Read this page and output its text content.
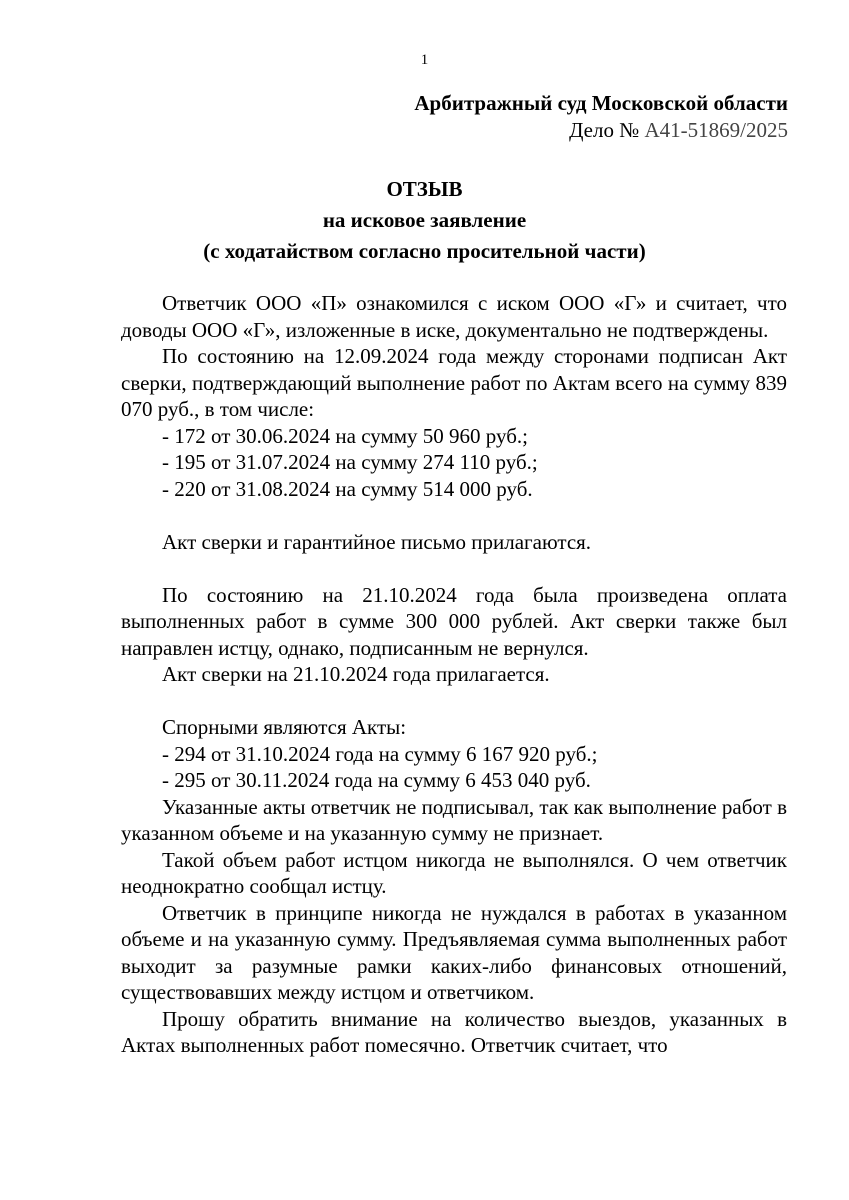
1
Арбитражный суд Московской области
Дело № А41-51869/2025
ОТЗЫВ
на исковое заявление
(с ходатайством согласно просительной части)

Ответчик ООО «П» ознакомился с иском ООО «Г» и считает, что доводы ООО «Г», изложенные в иске, документально не подтверждены.

По состоянию на 12.09.2024 года между сторонами подписан Акт сверки, подтверждающий выполнение работ по Актам всего на сумму 839 070 руб., в том числе:

- 172 от 30.06.2024 на сумму 50 960 руб.;

- 195 от 31.07.2024 на сумму 274 110 руб.;

- 220 от 31.08.2024 на сумму 514 000 руб.

Акт сверки и гарантийное письмо прилагаются.

По состоянию на 21.10.2024 года была произведена оплата выполненных работ в сумме 300 000 рублей. Акт сверки также был направлен истцу, однако, подписанным не вернулся.

Акт сверки на 21.10.2024 года прилагается.

Спорными являются Акты:

- 294 от 31.10.2024 года на сумму 6 167 920 руб.;

- 295 от 30.11.2024 года на сумму 6 453 040 руб.

Указанные акты ответчик не подписывал, так как выполнение работ в указанном объеме и на указанную сумму не признает.

Такой объем работ истцом никогда не выполнялся. О чем ответчик неоднократно сообщал истцу.

Ответчик в принципе никогда не нуждался в работах в указанном объеме и на указанную сумму. Предъявляемая сумма выполненных работ выходит за разумные рамки каких-либо финансовых отношений, существовавших между истцом и ответчиком.

Прошу обратить внимание на количество выездов, указанных в Актах выполненных работ помесячно. Ответчик считает, что
